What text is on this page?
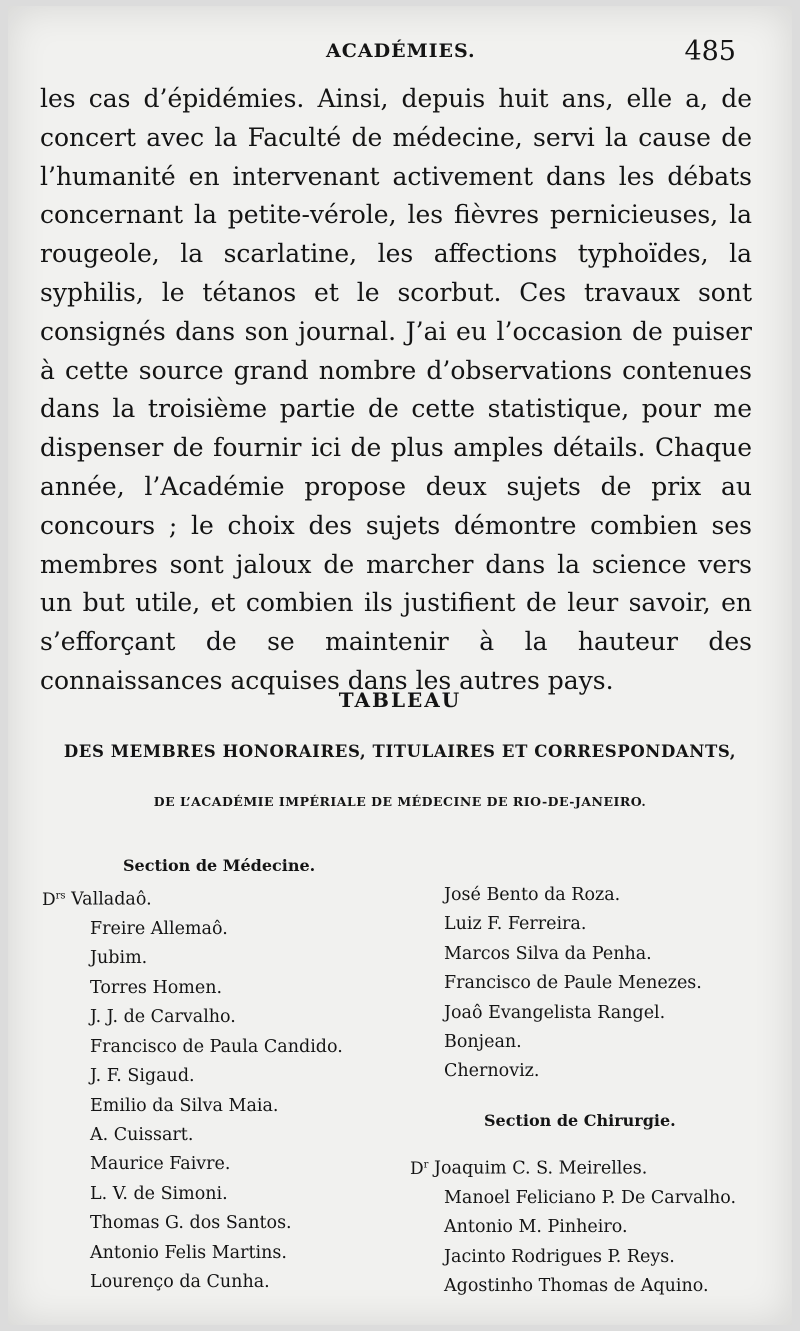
ACADÉMIES.	485

les cas d’épidémies. Ainsi, depuis huit ans, elle a, de concert avec la Faculté de médecine, servi la cause de l’humanité en intervenant activement dans les débats concernant la petite-vérole, les fièvres pernicieuses, la rougeole, la scarlatine, les affections typhoïdes, la syphilis, le tétanos et le scorbut. Ces travaux sont consignés dans son journal. J’ai eu l’occasion de puiser à cette source grand nombre d’observations contenues dans la troisième partie de cette statistique, pour me dispenser de fournir ici de plus amples détails. Chaque année, l’Académie propose deux sujets de prix au concours ; le choix des sujets démontre combien ses membres sont jaloux de marcher dans la science vers un but utile, et combien ils justifient de leur savoir, en s’efforçant de se maintenir à la hauteur des connaissances acquises dans les autres pays.

TABLEAU
DES MEMBRES HONORAIRES, TITULAIRES ET CORRESPONDANTS,
DE L’ACADÉMIE IMPÉRIALE DE MÉDECINE DE RIO-DE-JANEIRO.
Section de Médecine.
$D^{rs}$ Valladaô.
Freire Allemaô.
Jubim.
Torres Homen.
J. J. de Carvalho.
Francisco de Paula Candido.
J. F. Sigaud.
Emilio da Silva Maia.
A. Cuissart.
Maurice Faivre.
L. V. de Simoni.
Thomas G. dos Santos.
Antonio Felis Martins.
Lourenço da Cunha.
José Bento da Roza.
Luiz F. Ferreira.
Marcos Silva da Penha.
Francisco de Paule Menezes.
Joaô Evangelista Rangel.
Bonjean.
Chernoviz.
Section de Chirurgie.
$D^r$ Joaquim C. S. Meirelles.
Manoel Feliciano P. De Carvalho.
Antonio M. Pinheiro.
Jacinto Rodrigues P. Reys.
Agostinho Thomas de Aquino.
